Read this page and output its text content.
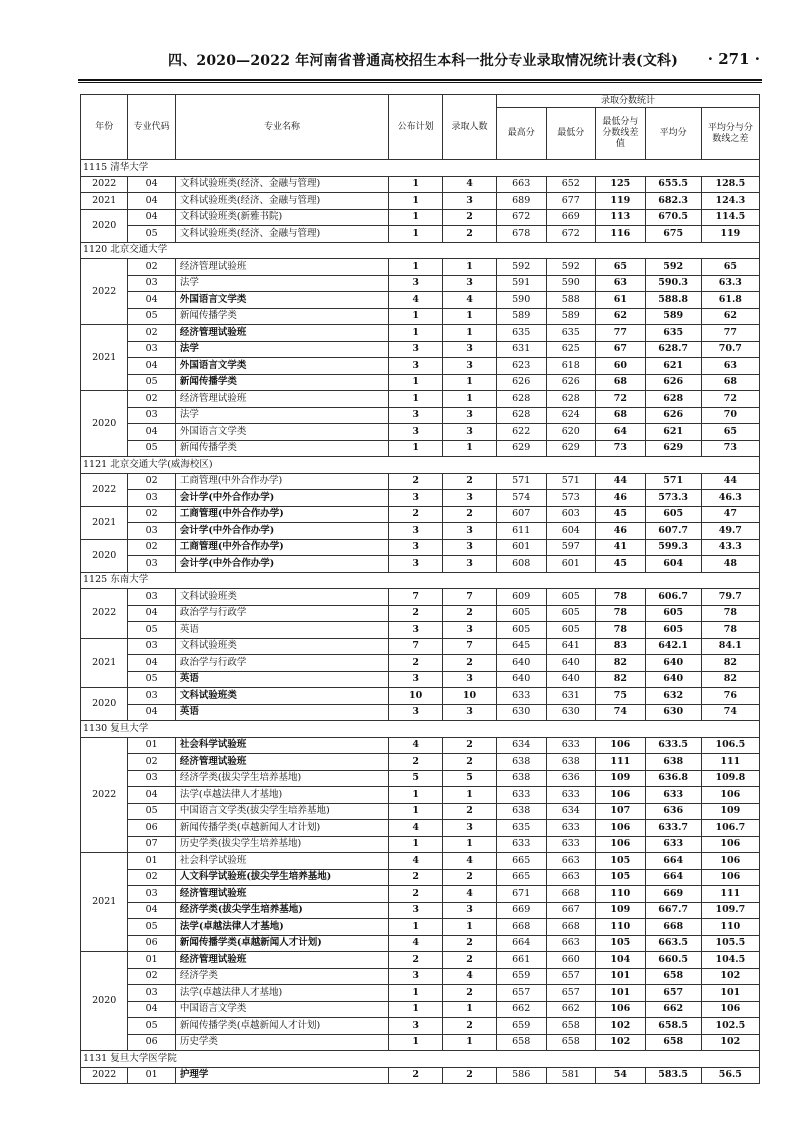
四、2020—2022 年河南省普通高校招生本科一批分专业录取情况统计表(文科) · 271 ·
年份	专业代码	专业名称	公布计划	录取人数	录取分数统计				
					最高分	最低分	最低分与分数线差值	平均分	平均分与分数线之差
1115 清华大学									
2022	04	文科试验班类(经济、金融与管理)	1	4	663	652	125	655.5	128.5
2021	04	文科试验班类(经济、金融与管理)	1	3	689	677	119	682.3	124.3
2020	04	文科试验班类(新雅书院)	1	2	672	669	113	670.5	114.5
	05	文科试验班类(经济、金融与管理)	1	2	678	672	116	675	119
1120 北京交通大学									
2022	02	经济管理试验班	1	1	592	592	65	592	65
	03	法学	3	3	591	590	63	590.3	63.3
	04	外国语言文学类	4	4	590	588	61	588.8	61.8
	05	新闻传播学类	1	1	589	589	62	589	62
2021	02	经济管理试验班	1	1	635	635	77	635	77
	03	法学	3	3	631	625	67	628.7	70.7
	04	外国语言文学类	3	3	623	618	60	621	63
	05	新闻传播学类	1	1	626	626	68	626	68
2020	02	经济管理试验班	1	1	628	628	72	628	72
	03	法学	3	3	628	624	68	626	70
	04	外国语言文学类	3	3	622	620	64	621	65
	05	新闻传播学类	1	1	629	629	73	629	73
1121 北京交通大学(威海校区)									
2022	02	工商管理(中外合作办学)	2	2	571	571	44	571	44
	03	会计学(中外合作办学)	3	3	574	573	46	573.3	46.3
2021	02	工商管理(中外合作办学)	2	2	607	603	45	605	47
	03	会计学(中外合作办学)	3	3	611	604	46	607.7	49.7
2020	02	工商管理(中外合作办学)	3	3	601	597	41	599.3	43.3
	03	会计学(中外合作办学)	3	3	608	601	45	604	48
1125 东南大学									
2022	03	文科试验班类	7	7	609	605	78	606.7	79.7
	04	政治学与行政学	2	2	605	605	78	605	78
	05	英语	3	3	605	605	78	605	78
2021	03	文科试验班类	7	7	645	641	83	642.1	84.1
	04	政治学与行政学	2	2	640	640	82	640	82
	05	英语	3	3	640	640	82	640	82
2020	03	文科试验班类	10	10	633	631	75	632	76
	04	英语	3	3	630	630	74	630	74
1130 复旦大学									
2022	01	社会科学试验班	4	2	634	633	106	633.5	106.5
	02	经济管理试验班	2	2	638	638	111	638	111
	03	经济学类(拔尖学生培养基地)	5	5	638	636	109	636.8	109.8
	04	法学(卓越法律人才基地)	1	1	633	633	106	633	106
	05	中国语言文学类(拔尖学生培养基地)	1	2	638	634	107	636	109
	06	新闻传播学类(卓越新闻人才计划)	4	3	635	633	106	633.7	106.7
	07	历史学类(拔尖学生培养基地)	1	1	633	633	106	633	106
2021	01	社会科学试验班	4	4	665	663	105	664	106
	02	人文科学试验班(拔尖学生培养基地)	2	2	665	663	105	664	106
	03	经济管理试验班	2	4	671	668	110	669	111
	04	经济学类(拔尖学生培养基地)	3	3	669	667	109	667.7	109.7
	05	法学(卓越法律人才基地)	1	1	668	668	110	668	110
	06	新闻传播学类(卓越新闻人才计划)	4	2	664	663	105	663.5	105.5
2020	01	经济管理试验班	2	2	661	660	104	660.5	104.5
	02	经济学类	3	4	659	657	101	658	102
	03	法学(卓越法律人才基地)	1	2	657	657	101	657	101
	04	中国语言文学类	1	1	662	662	106	662	106
	05	新闻传播学类(卓越新闻人才计划)	3	2	659	658	102	658.5	102.5
	06	历史学类	1	1	658	658	102	658	102
1131 复旦大学医学院									
2022	01	护理学	2	2	586	581	54	583.5	56.5
